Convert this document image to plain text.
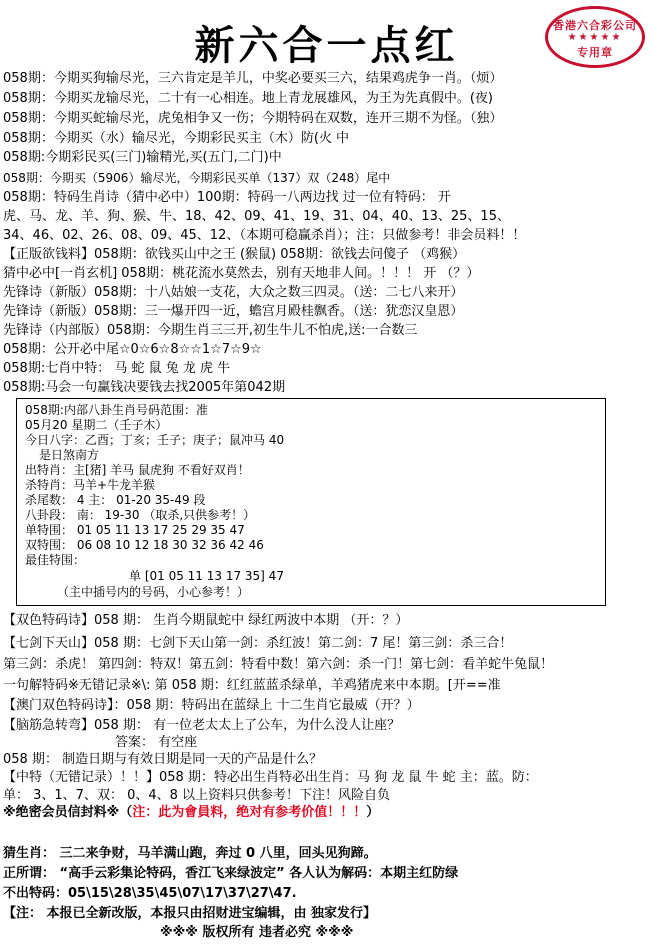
新六合一点红	香港六合彩公司
★★★★★
专用章
058期：今期买狗输尽光，三六肯定是羊儿，中奖必要买三六，结果鸡虎争一肖。（烦）
058期：今期买龙输尽光，二十有一心相连。地上青龙展雄风，为王为先真假中。(夜)
058期：今期买蛇输尽光，虎兔相争又一伤；今期特码在双数，连开三期不为怪。（独）
058期：今期买（水）输尽光，今期彩民买主（木）防(火 中
058期:今期彩民买(三门)输精光,买(五门,二门)中
058期：今期买（5906）输尽光，今期彩民买单（137）双（248）尾中
058期：特码生肖诗（猜中必中）100期：特码一八两边找 过一位有特码： 开
虎、马、龙、羊、狗、猴、牛、18、42、09、41、19、31、04、40、13、25、15、
34、46、02、26、08、09、45、12、（本期可稳赢杀肖）；注：只做参考！非会员料！！
【正版欲钱料】058期：欲钱买山中之王 (猴鼠) 058期：欲钱去问傻子 （鸡猴）
猜中必中[一肖玄机] 058期：桃花流水莫然去，别有天地非人间。！！！ 开 （？）
先锋诗（新版）058期：十八姑娘一支花，大众之数三四灵。（送：二七八来开）
先锋诗（新版）058期：三一爆开四一近，蟾宫月殿桂飘香。（送：犹恋汉皇恩）
先锋诗（内部版）058期：今期生肖三三开,初生牛儿不怕虎,送:一合数三
058期：公开必中尾☆0☆6☆8☆☆1☆7☆9☆
058期:七肖中特： 马 蛇 鼠 兔 龙 虎 牛
058期:马会一句赢钱决要钱去找2005年第042期
058期:内部八卦生肖号码范围：准
05月20 星期二（壬子木）
今日八字：乙酉；丁亥；壬子；庚子；鼠冲马 40
是日煞南方
出特肖：主[猪] 羊马 鼠虎狗 不看好双肖！
杀特肖：马羊+牛龙羊猴
杀尾数： 4 主： 01-20 35-49 段
八卦段： 南： 19-30 （取杀,只供参考！）
单特围： 01 05 11 13 17 25 29 35 47
双特围： 06 08 10 12 18 30 32 36 42 46
最佳特围：
单 [01 05 11 13 17 35] 47
（主中插号内的号码，小心参考！）
【双色特码诗】058 期： 生肖今期鼠蛇中 绿红两波中本期 （开：？）
【七剑下天山】058 期：七剑下天山第一剑：杀红波！第二剑：7 尾！第三剑：杀三合！
第三剑：杀虎！ 第四剑：特双！第五剑：特看中数！第六剑：杀一门！第七剑：看羊蛇牛兔鼠！
一句解特码※无错记录※\: 第 058 期：红红蓝蓝杀绿单，羊鸡猪虎来中本期。[开==准
【澳门双色特码诗】：058 期：特码出在蓝绿上 十二生肖它最威（开？）
【脑筋急转弯】058 期： 有一位老太太上了公车，为什么没人让座？
答案： 有空座
058 期： 制造日期与有效日期是同一天的产品是什么？
【中特（无错记录）！！】058 期：特必出生肖特必出生肖：马 狗 龙 鼠 牛 蛇 主：蓝。防：
单： 3、1、7、双： 0、4、8 以上资料只供参考！下注！风险自负
※绝密会员信封料※（注：此为會員料，绝对有参考价值！！！）
猜生肖： 三二来争财，马羊满山跑，奔过 0 八里，回头见狗蹄。
正所谓： “高手云彩集论特码，香江飞来绿波定” 各人认为解码：本期主红防绿
不出特码：05\15\28\35\45\07\17\37\27\47.
【注： 本报已全新改版，本报只由招财进宝编辑，由 独家发行】
※※※ 版权所有 违者必究 ※※※
